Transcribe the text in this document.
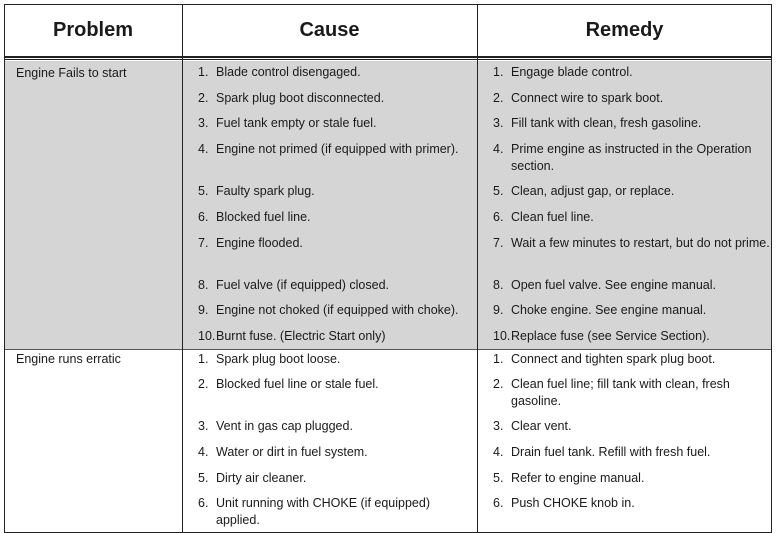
Problem	Cause	Remedy
Engine Fails to start
Engine runs erratic
1. Blade control disengaged.
2. Spark plug boot disconnected.
3. Fuel tank empty or stale fuel.
4. Engine not primed (if equipped with primer).
5. Faulty spark plug.
6. Blocked fuel line.
7. Engine flooded.
8. Fuel valve (if equipped) closed.
9. Engine not choked (if equipped with choke).
10. Burnt fuse. (Electric Start only)
1. Engage blade control.
2. Connect wire to spark boot.
3. Fill tank with clean, fresh gasoline.
4. Prime engine as instructed in the Operation section.
5. Clean, adjust gap, or replace.
6. Clean fuel line.
7. Wait a few minutes to restart, but do not prime.
8. Open fuel valve. See engine manual.
9. Choke engine. See engine manual.
10. Replace fuse (see Service Section).
1. Spark plug boot loose.
2. Blocked fuel line or stale fuel.
3. Vent in gas cap plugged.
4. Water or dirt in fuel system.
5. Dirty air cleaner.
6. Unit running with CHOKE (if equipped) applied.
1. Connect and tighten spark plug boot.
2. Clean fuel line; fill tank with clean, fresh gasoline.
3. Clear vent.
4. Drain fuel tank. Refill with fresh fuel.
5. Refer to engine manual.
6. Push CHOKE knob in.
